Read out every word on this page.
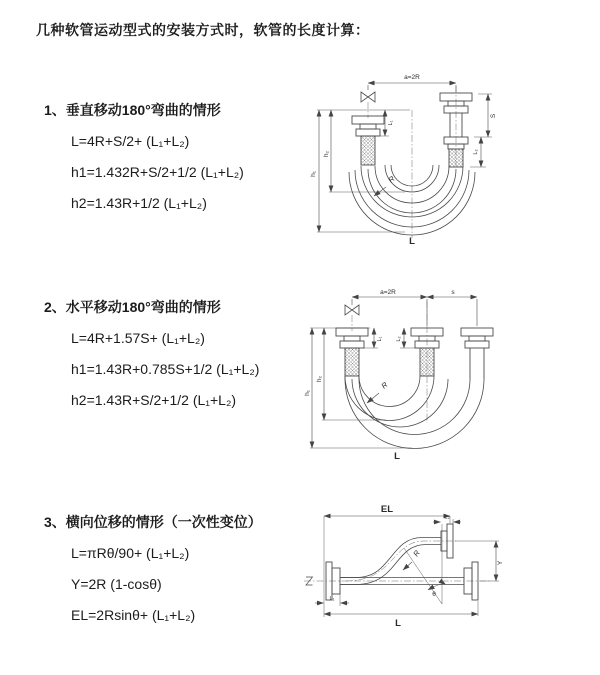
几种软管运动型式的安装方式时，软管的长度计算：

1、垂直移动180°弯曲的情形

L=4R+S/2+ (L₁+L₂)

h1=1.432R+S/2+1/2 (L₁+L₂)

h2=1.43R+1/2 (L₁+L₂)

2、水平移动180°弯曲的情形

L=4R+1.57S+ (L₁+L₂)

h1=1.43R+0.785S+1/2 (L₁+L₂)

h2=1.43R+S/2+1/2 (L₁+L₂)

3、横向位移的情形（一次性变位）

L=πRθ/90+ (L₁+L₂)

Y=2R (1-cosθ)

EL=2Rsinθ+ (L₁+L₂)

a=2R
h₁
h₂
L₁
S
L₂
R
L
a=2R	s
h₁
h₂
L₁ L₂
R
L
EL
L₂
Y
R
θ
L
L₁
